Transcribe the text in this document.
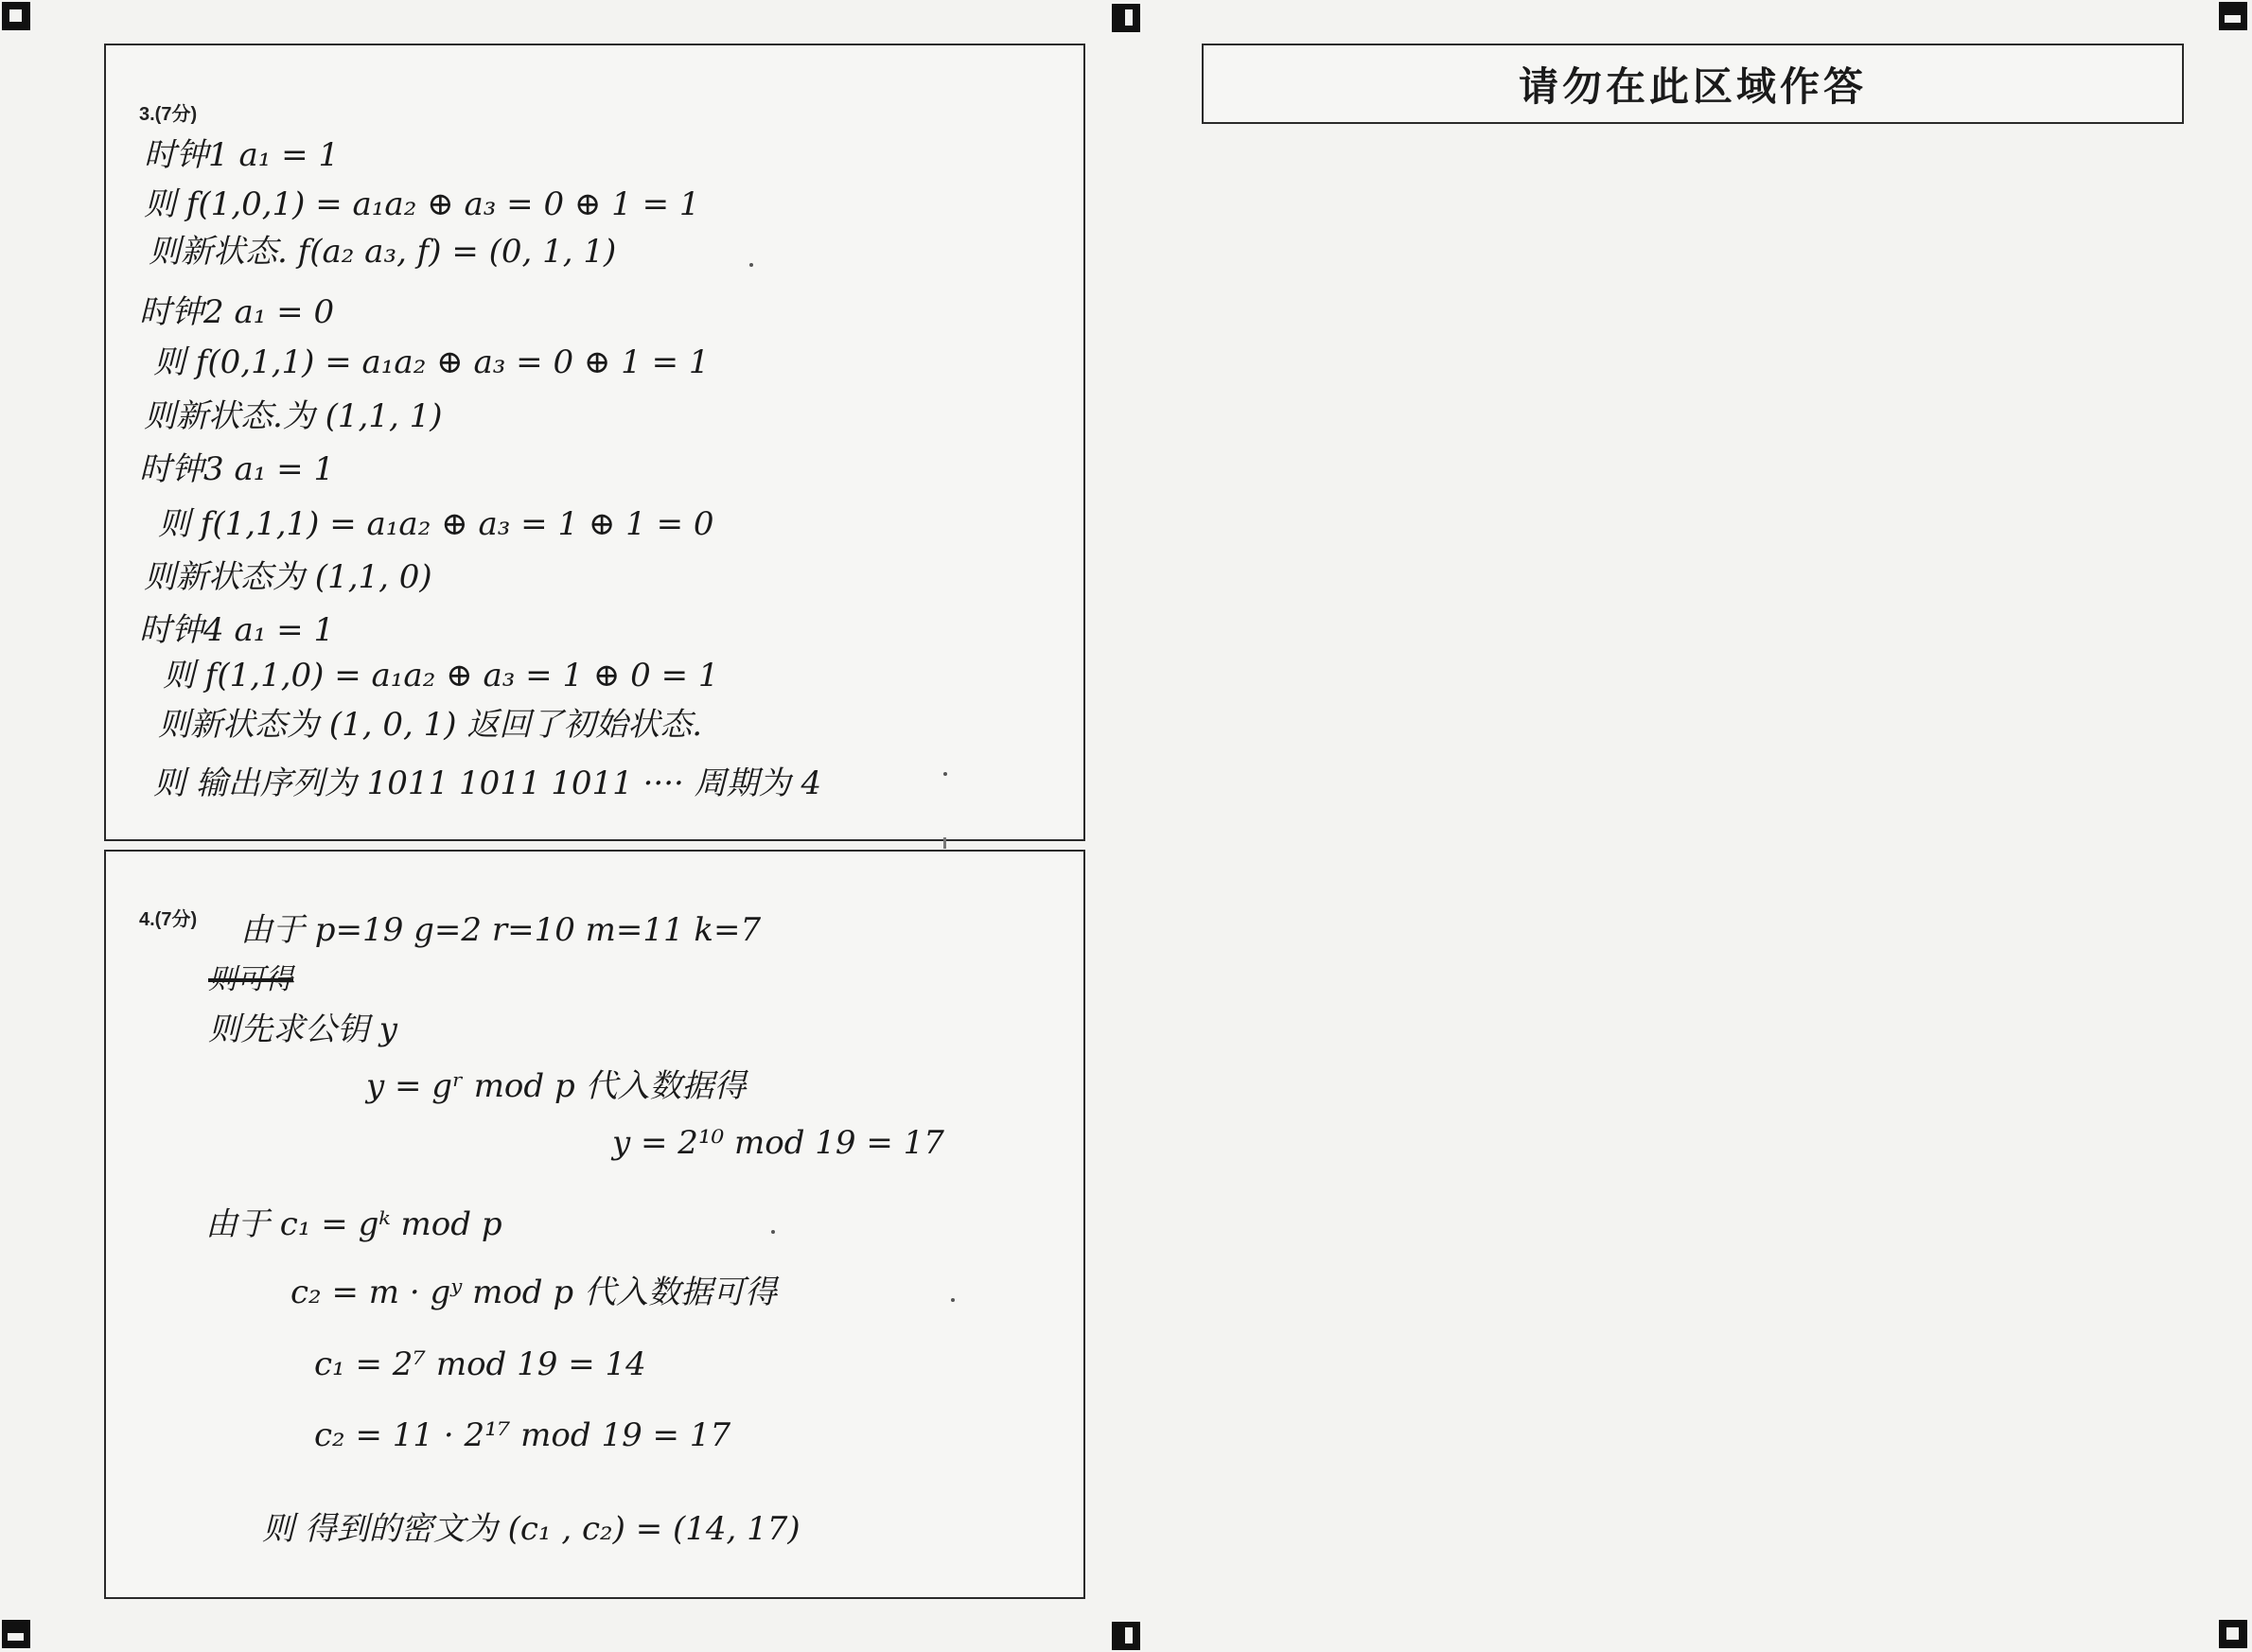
3.(7分)
时钟1 a₁ = 1
则 f(1,0,1) = a₁a₂ ⊕ a₃ = 0 ⊕ 1 = 1
则新状态. f(a₂ a₃, f) = (0, 1, 1)
时钟2 a₁ = 0
则 f(0,1,1) = a₁a₂ ⊕ a₃ = 0 ⊕ 1 = 1
则新状态.为 (1,1, 1)
时钟3 a₁ = 1
则 f(1,1,1) = a₁a₂ ⊕ a₃ = 1 ⊕ 1 = 0
则新状态为 (1,1, 0)
时钟4 a₁ = 1
则 f(1,1,0) = a₁a₂ ⊕ a₃ = 1 ⊕ 0 = 1
则新状态为 (1, 0, 1) 返回了初始状态.
则 输出序列为 1011 1011 1011 ···· 周期为 4
4.(7分) 由于 p=19 g=2 r=10 m=11 k=7
则可得
则先求公钥 y
y = gʳ mod p 代入数据得
y = 2¹⁰ mod 19 = 17
由于 c₁ = gᵏ mod p
c₂ = m · gʸ mod p 代入数据可得
c₁ = 2⁷ mod 19 = 14
c₂ = 11 · 2¹⁷ mod 19 = 17
则 得到的密文为 (c₁ , c₂) = (14, 17)
请勿在此区域作答
